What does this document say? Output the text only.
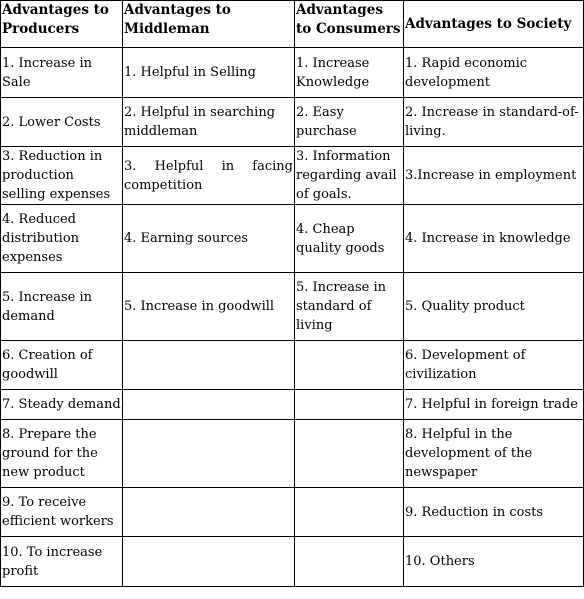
Advantages to Producers	Advantages to Middleman	Advantages to Consumers	Advantages to Society
1. Increase in Sale	1. Helpful in Selling	1. Increase Knowledge	1. Rapid economic development
2. Lower Costs	2. Helpful in searching middleman	2. Easy purchase	2. Increase in standard-of-living.
3. Reduction in production selling expenses	3. Helpful in facing competition	3. Information regarding avail of goals.	3.Increase in employment
4. Reduced distribution expenses	4. Earning sources	4. Cheap quality goods	4. Increase in knowledge
5. Increase in demand	5. Increase in goodwill	5. Increase in standard of living	5. Quality product
6. Creation of goodwill			6. Development of civilization
7. Steady demand			7. Helpful in foreign trade
8. Prepare the ground for the new product			8. Helpful in the development of the newspaper
9. To receive efficient workers			9. Reduction in costs
10. To increase profit			10. Others
